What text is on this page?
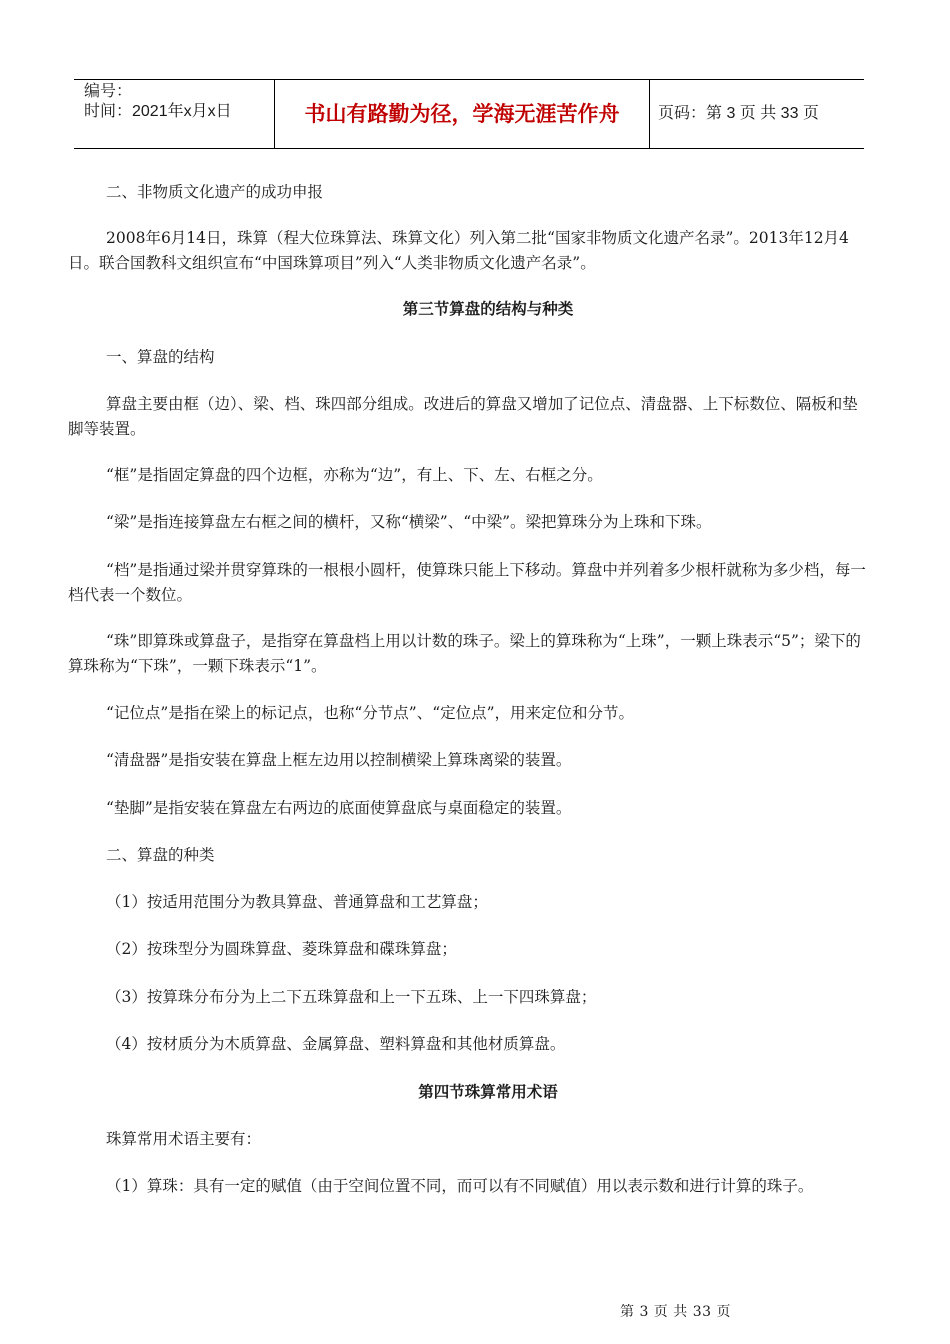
编号：
时间：2021年x月x日	书山有路勤为径，学海无涯苦作舟	页码：第 3 页 共 33 页

二、非物质文化遗产的成功申报

2008年6月14日，珠算（程大位珠算法、珠算文化）列入第二批“国家非物质文化遗产名录”。2013年12月4日。联合国教科文组织宣布“中国珠算项目”列入“人类非物质文化遗产名录”。

第三节算盘的结构与种类

一、算盘的结构

算盘主要由框（边）、梁、档、珠四部分组成。改进后的算盘又增加了记位点、清盘器、上下标数位、隔板和垫脚等装置。

“框”是指固定算盘的四个边框，亦称为“边”，有上、下、左、右框之分。

“梁”是指连接算盘左右框之间的横杆，又称“横梁”、“中梁”。梁把算珠分为上珠和下珠。

“档”是指通过梁并贯穿算珠的一根根小圆杆，使算珠只能上下移动。算盘中并列着多少根杆就称为多少档，每一档代表一个数位。

“珠”即算珠或算盘子，是指穿在算盘档上用以计数的珠子。梁上的算珠称为“上珠”，一颗上珠表示“5”；梁下的算珠称为“下珠”，一颗下珠表示“1”。

“记位点”是指在梁上的标记点，也称“分节点”、“定位点”，用来定位和分节。

“清盘器”是指安装在算盘上框左边用以控制横梁上算珠离梁的装置。

“垫脚”是指安装在算盘左右两边的底面使算盘底与桌面稳定的装置。

二、算盘的种类

（1）按适用范围分为教具算盘、普通算盘和工艺算盘；

（2）按珠型分为圆珠算盘、菱珠算盘和碟珠算盘；

（3）按算珠分布分为上二下五珠算盘和上一下五珠、上一下四珠算盘；

（4）按材质分为木质算盘、金属算盘、塑料算盘和其他材质算盘。

第四节珠算常用术语

珠算常用术语主要有：

（1）算珠：具有一定的赋值（由于空间位置不同，而可以有不同赋值）用以表示数和进行计算的珠子。

第 3 页 共 33 页
